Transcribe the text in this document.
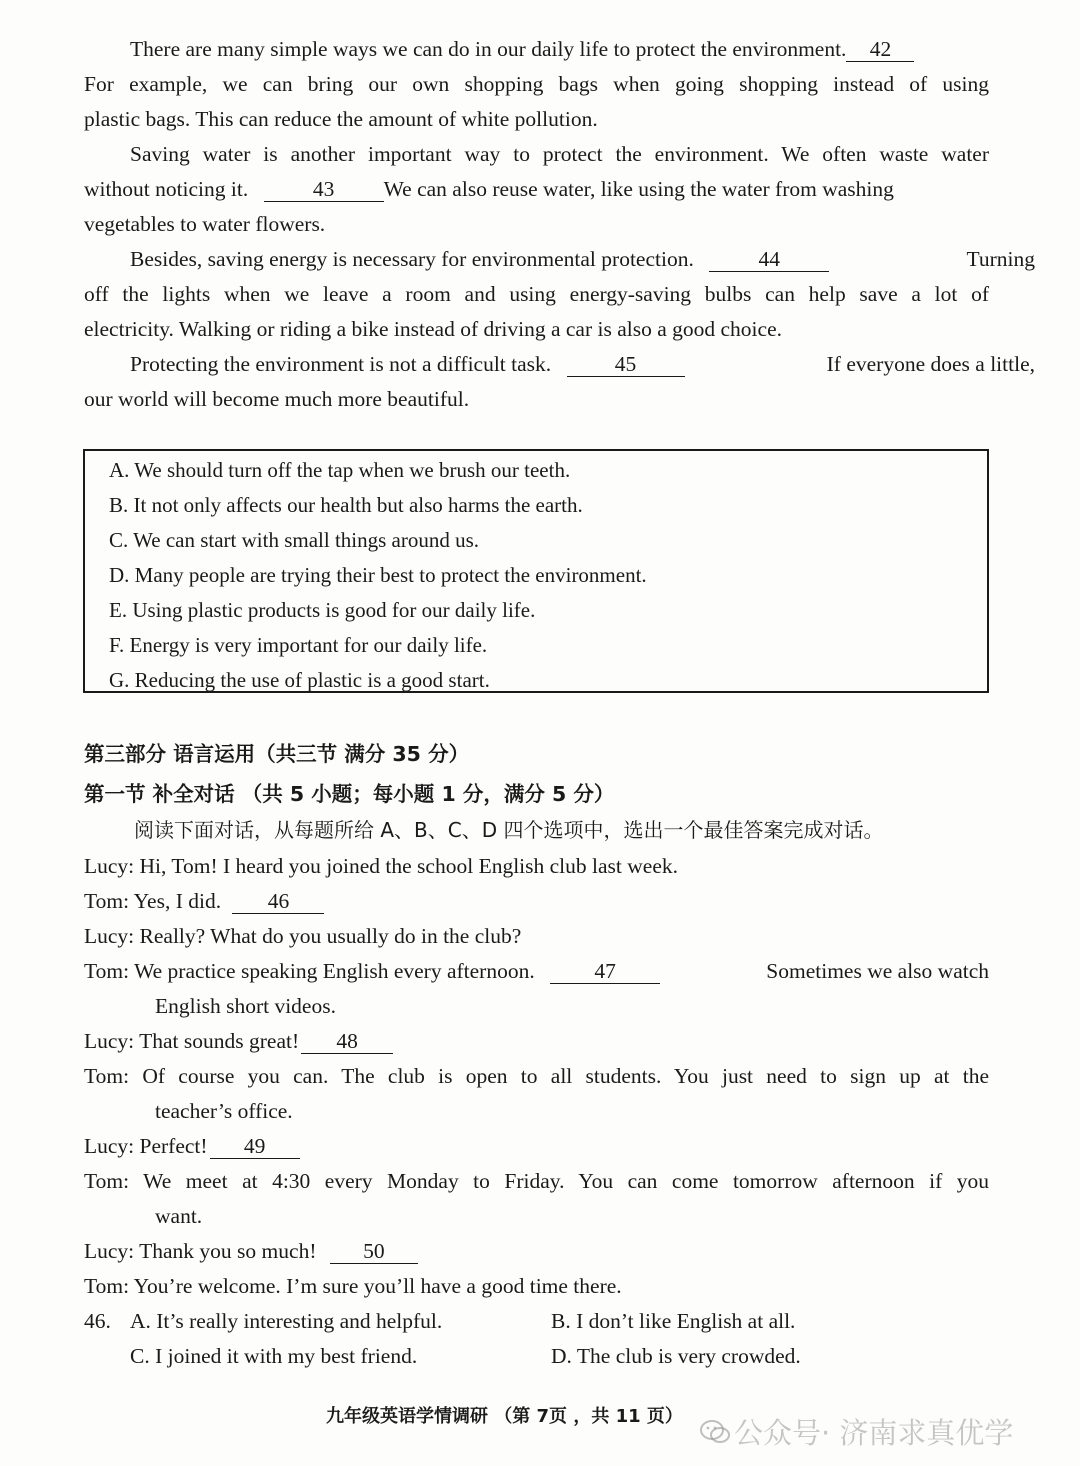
There are many simple ways we can do in our daily life to protect the environment. 42
For example, we can bring our own shopping bags when going shopping instead of using
plastic bags. This can reduce the amount of white pollution.
Saving water is another important way to protect the environment. We often waste water
without noticing it.	43 We can also reuse water, like using the water from washing
vegetables to water flowers.
Besides, saving energy is necessary for environmental protection.	44	Turning
off the lights when we leave a room and using energy-saving bulbs can help save a lot of
electricity. Walking or riding a bike instead of driving a car is also a good choice.
Protecting the environment is not a difficult task.	45	If everyone does a little,
our world will become much more beautiful.
A. We should turn off the tap when we brush our teeth.
B. It not only affects our health but also harms the earth.
C. We can start with small things around us.
D. Many people are trying their best to protect the environment.
E. Using plastic products is good for our daily life.
F. Energy is very important for our daily life.
G. Reducing the use of plastic is a good start.
第三部分 语言运用（共三节 满分 35 分）
第一节 补全对话 （共 5 小题；每小题 1 分，满分 5 分）
阅读下面对话，从每题所给 A、B、C、D 四个选项中，选出一个最佳答案完成对话。
Lucy: Hi, Tom! I heard you joined the school English club last week.
Tom: Yes, I did. 46
Lucy: Really? What do you usually do in the club?
Tom: We practice speaking English every afternoon.	47	Sometimes we also watch
English short videos.
Lucy: That sounds great! 48
Tom: Of course you can. The club is open to all students. You just need to sign up at the
teacher’s office.
Lucy: Perfect! 49
Tom: We meet at 4:30 every Monday to Friday. You can come tomorrow afternoon if you
want.
Lucy: Thank you so much! 50
Tom: You’re welcome. I’m sure you’ll have a good time there.
46. A. It’s really interesting and helpful.	B. I don’t like English at all.
C. I joined it with my best friend.	D. The club is very crowded.
九年级英语学情调研 （第 7页 ，共 11 页）	公众号· 济南求真优学
